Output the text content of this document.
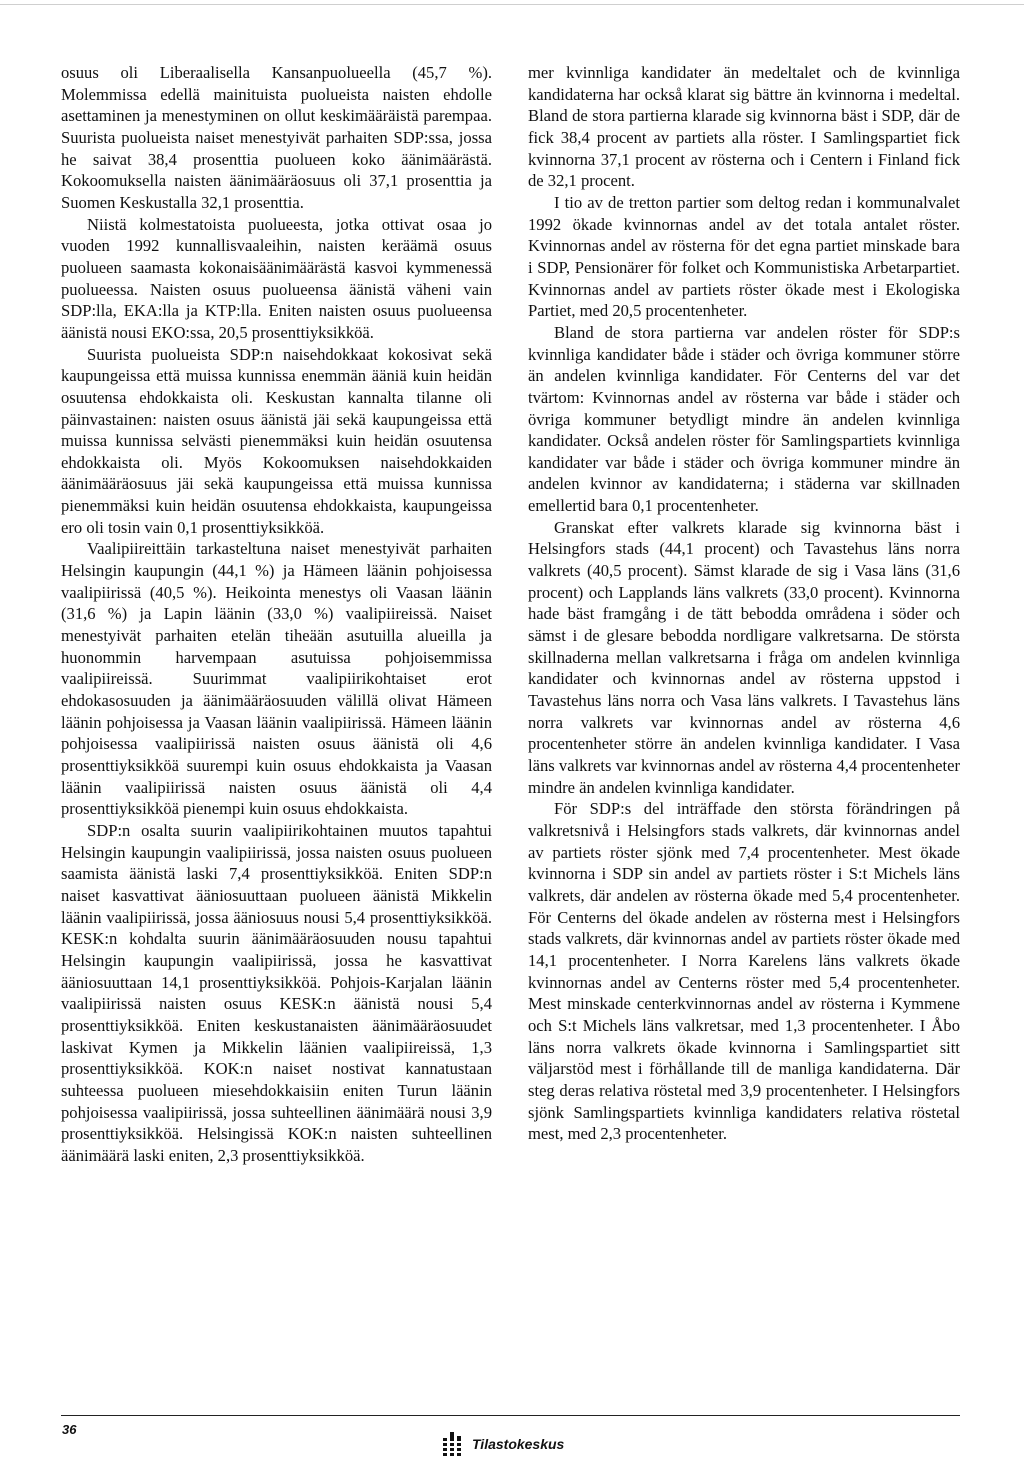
osuus oli Liberaalisella Kansanpuolueella (45,7 %). Molemmissa edellä mainituista puolueista naisten ehdolle asettaminen ja menestyminen on ollut keskimääräistä parempaa. Suurista puolueista naiset menestyivät parhaiten SDP:ssa, jossa he saivat 38,4 prosenttia puolueen koko äänimäärästä. Kokoomuksella naisten äänimääräosuus oli 37,1 prosenttia ja Suomen Keskustalla 32,1 prosenttia.

Niistä kolmestatoista puolueesta, jotka ottivat osaa jo vuoden 1992 kunnallisvaaleihin, naisten keräämä osuus puolueen saamasta kokonaisäänimäärästä kasvoi kymmenessä puolueessa. Naisten osuus puolueensa äänistä väheni vain SDP:lla, EKA:lla ja KTP:lla. Eniten naisten osuus puolueensa äänistä nousi EKO:ssa, 20,5 prosenttiyksikköä.

Suurista puolueista SDP:n naisehdokkaat kokosivat sekä kaupungeissa että muissa kunnissa enemmän ääniä kuin heidän osuutensa ehdokkaista oli. Keskustan kannalta tilanne oli päinvastainen: naisten osuus äänistä jäi sekä kaupungeissa että muissa kunnissa selvästi pienemmäksi kuin heidän osuutensa ehdokkaista oli. Myös Kokoomuksen naisehdokkaiden äänimääräosuus jäi sekä kaupungeissa että muissa kunnissa pienemmäksi kuin heidän osuutensa ehdokkaista, kaupungeissa ero oli tosin vain 0,1 prosenttiyksikköä.

Vaalipiireittäin tarkasteltuna naiset menestyivät parhaiten Helsingin kaupungin (44,1 %) ja Hämeen läänin pohjoisessa vaalipiirissä (40,5 %). Heikointa menestys oli Vaasan läänin (31,6 %) ja Lapin läänin (33,0 %) vaalipiireissä. Naiset menestyivät parhaiten etelän tiheään asutuilla alueilla ja huonommin harvempaan asutuissa pohjoisemmissa vaalipiireissä. Suurimmat vaalipiirikohtaiset erot ehdokasosuuden ja äänimääräosuuden välillä olivat Hämeen läänin pohjoisessa ja Vaasan läänin vaalipiirissä. Hämeen läänin pohjoisessa vaalipiirissä naisten osuus äänistä oli 4,6 prosenttiyksikköä suurempi kuin osuus ehdokkaista ja Vaasan läänin vaalipiirissä naisten osuus äänistä oli 4,4 prosenttiyksikköä pienempi kuin osuus ehdokkaista.

SDP:n osalta suurin vaalipiirikohtainen muutos tapahtui Helsingin kaupungin vaalipiirissä, jossa naisten osuus puolueen saamista äänistä laski 7,4 prosenttiyksikköä. Eniten SDP:n naiset kasvattivat ääniosuuttaan puolueen äänistä Mikkelin läänin vaalipiirissä, jossa ääniosuus nousi 5,4 prosenttiyksikköä. KESK:n kohdalta suurin äänimääräosuuden nousu tapahtui Helsingin kaupungin vaalipiirissä, jossa he kasvattivat ääniosuuttaan 14,1 prosenttiyksikköä. Pohjois-Karjalan läänin vaalipiirissä naisten osuus KESK:n äänistä nousi 5,4 prosenttiyksikköä. Eniten keskustanaisten äänimääräosuudet laskivat Kymen ja Mikkelin läänien vaalipiireissä, 1,3 prosenttiyksikköä. KOK:n naiset nostivat kannatustaan suhteessa puolueen miesehdokkaisiin eniten Turun läänin pohjoisessa vaalipiirissä, jossa suhteellinen äänimäärä nousi 3,9 prosenttiyksikköä. Helsingissä KOK:n naisten suhteellinen äänimäärä laski eniten, 2,3 prosenttiyksikköä.

mer kvinnliga kandidater än medeltalet och de kvinnliga kandidaterna har också klarat sig bättre än kvinnorna i medeltal. Bland de stora partierna klarade sig kvinnorna bäst i SDP, där de fick 38,4 procent av partiets alla röster. I Samlingspartiet fick kvinnorna 37,1 procent av rösterna och i Centern i Finland fick de 32,1 procent.

I tio av de tretton partier som deltog redan i kommunalvalet 1992 ökade kvinnornas andel av det totala antalet röster. Kvinnornas andel av rösterna för det egna partiet minskade bara i SDP, Pensionärer för folket och Kommunistiska Arbetarpartiet. Kvinnornas andel av partiets röster ökade mest i Ekologiska Partiet, med 20,5 procentenheter.

Bland de stora partierna var andelen röster för SDP:s kvinnliga kandidater både i städer och övriga kommuner större än andelen kvinnliga kandidater. För Centerns del var det tvärtom: Kvinnornas andel av rösterna var både i städer och övriga kommuner betydligt mindre än andelen kvinnliga kandidater. Också andelen röster för Samlingspartiets kvinnliga kandidater var både i städer och övriga kommuner mindre än andelen kvinnor av kandidaterna; i städerna var skillnaden emellertid bara 0,1 procentenheter.

Granskat efter valkrets klarade sig kvinnorna bäst i Helsingfors stads (44,1 procent) och Tavastehus läns norra valkrets (40,5 procent). Sämst klarade de sig i Vasa läns (31,6 procent) och Lapplands läns valkrets (33,0 procent). Kvinnorna hade bäst framgång i de tätt bebodda områdena i söder och sämst i de glesare bebodda nordligare valkretsarna. De största skillnaderna mellan valkretsarna i fråga om andelen kvinnliga kandidater och kvinnornas andel av rösterna uppstod i Tavastehus läns norra och Vasa läns valkrets. I Tavastehus läns norra valkrets var kvinnornas andel av rösterna 4,6 procentenheter större än andelen kvinnliga kandidater. I Vasa läns valkrets var kvinnornas andel av rösterna 4,4 procentenheter mindre än andelen kvinnliga kandidater.

För SDP:s del inträffade den största förändringen på valkretsnivå i Helsingfors stads valkrets, där kvinnornas andel av partiets röster sjönk med 7,4 procentenheter. Mest ökade kvinnorna i SDP sin andel av partiets röster i S:t Michels läns valkrets, där andelen av rösterna ökade med 5,4 procentenheter. För Centerns del ökade andelen av rösterna mest i Helsingfors stads valkrets, där kvinnornas andel av partiets röster ökade med 14,1 procentenheter. I Norra Karelens läns valkrets ökade kvinnornas andel av Centerns röster med 5,4 procentenheter. Mest minskade centerkvinnornas andel av rösterna i Kymmene och S:t Michels läns valkretsar, med 1,3 procentenheter. I Åbo läns norra valkrets ökade kvinnorna i Samlingspartiet sitt väljarstöd mest i förhållande till de manliga kandidaterna. Där steg deras relativa röstetal med 3,9 procentenheter. I Helsingfors sjönk Samlingspartiets kvinnliga kandidaters relativa röstetal mest, med 2,3 procentenheter.

36
Tilastokeskus
